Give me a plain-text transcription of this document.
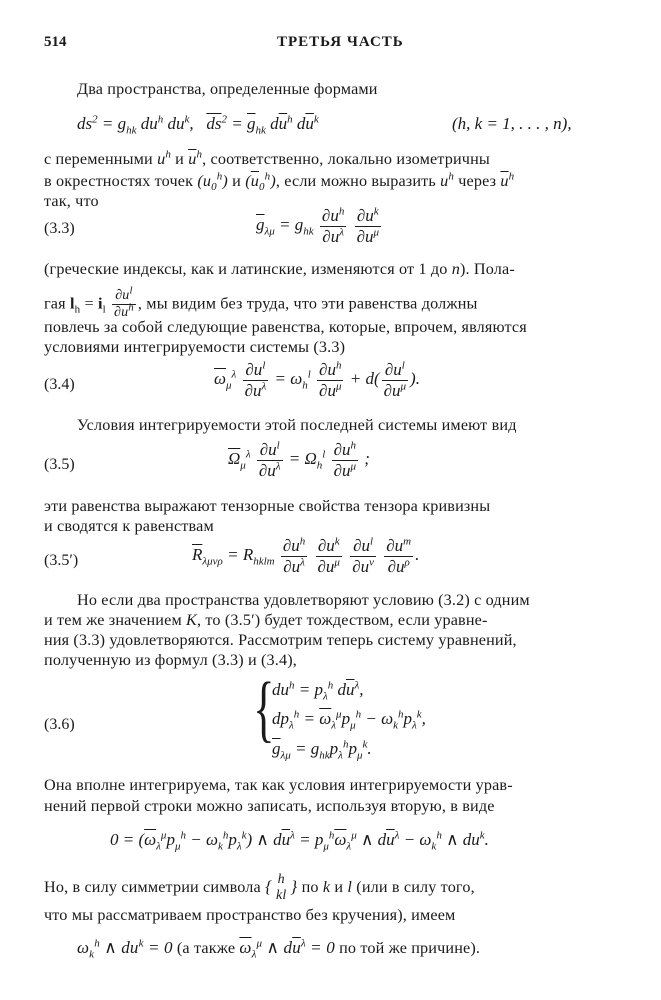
514	ТРЕТЬЯ ЧАСТЬ
Два пространства, определенные формами
$ds^2 = g_{hk}$ $du^h$ $du^k$,   $\overline{ds}^2 = \overline{g}_{hk}$ $d\overline{u}^h$ $d\overline{u}^k$	(h, k = 1, . . . , n),
с переменными $u^h$ и $\overline{u}^h$, соответственно, локально изометричны
в окрестностях точек $(u_0^h)$ и $(\overline{u}_0^h)$, если можно выразить $u^h$ через $\overline{u}^h$
так, что
(3.3)	$\overline{g}_{\lambda\mu} = g_{hk} \frac{\partial u^h}{\partial\overline{u}^\lambda}$
$\frac{\partial u^k}{\partial\overline{u}^\mu}$
(греческие индексы, как и латинские, изменяются от 1 до n). Пола-
гая $l_h = i_l \frac{\partial u^l}{\partial\overline{u}^h}$ , мы видим без труда, что эти равенства должны
повлечь за собой следующие равенства, которые, впрочем, являются
условиями интегрируемости системы (3.3)
(3.4)	$\overline{\omega}_\mu^\lambda \frac{\partial u^l}{\partial\overline{u}^\lambda} = \omega_h^l \frac{\partial u^h}{\partial\overline{u}^\mu} + d( \frac{\partial u^l}{\partial\overline{u}^\mu}$ ).
Условия интегрируемости этой последней системы имеют вид
(3.5)	$\overline{\Omega}_\mu^\lambda \frac{\partial u^l}{\partial\overline{u}^\lambda} = \Omega_h^l \frac{\partial u^h}{\partial\overline{u}^\mu}$ ;
эти равенства выражают тензорные свойства тензора кривизны
и сводятся к равенствам
(3.5′)	$\overline{R}_{\lambda\mu\nu\rho} = R_{hklm} \frac{\partial u^h}{\partial u^\lambda}$
$\frac{\partial u^k}{\partial\overline{u}^\mu}$
$\frac{\partial u^l}{\partial\overline{u}^\nu}$
$\frac{\partial u^m}{\partial\overline{u}^\rho}$ .
Но если два пространства удовлетворяют условию (3.2) с одним
и тем же значением K, то (3.5′) будет тождеством, если уравне-
ния (3.3) удовлетворяются. Рассмотрим теперь систему уравнений,
полученную из формул (3.3) и (3.4),
(3.6) {
$du^h = p_\lambda^h$ $d\overline{u}^\lambda$,
$dp_\lambda^h = \overline{\omega}_\lambda^\mu p_\mu^h - \omega_k^hp_\lambda^k$,
$\overline{g}_{\lambda\mu} = g_{hk}p_\lambda^hp_\mu^k$.
Она вполне интегрируема, так как условия интегрируемости урав-
нений первой строки можно записать, используя вторую, в виде
$0 = (\overline{\omega}_\lambda^\mu p_\mu^h - \omega_k^hp_\lambda^k)$ ∧ $d\overline{u}^\lambda = p_\mu^h\overline{\omega}_\lambda^\mu$ ∧ $d\overline{u}^\lambda - \omega_k^h$ ∧ $du^k$.
Но, в силу симметрии символа { h
kl } по k и l (или в силу того,
что мы рассматриваем пространство без кручения), имеем
$\omega_k^h$ ∧ $du^k = 0$ (а также $\overline{\omega}_\lambda^\mu$ ∧ $d\overline{u}^\lambda = 0$ по той же причине).
